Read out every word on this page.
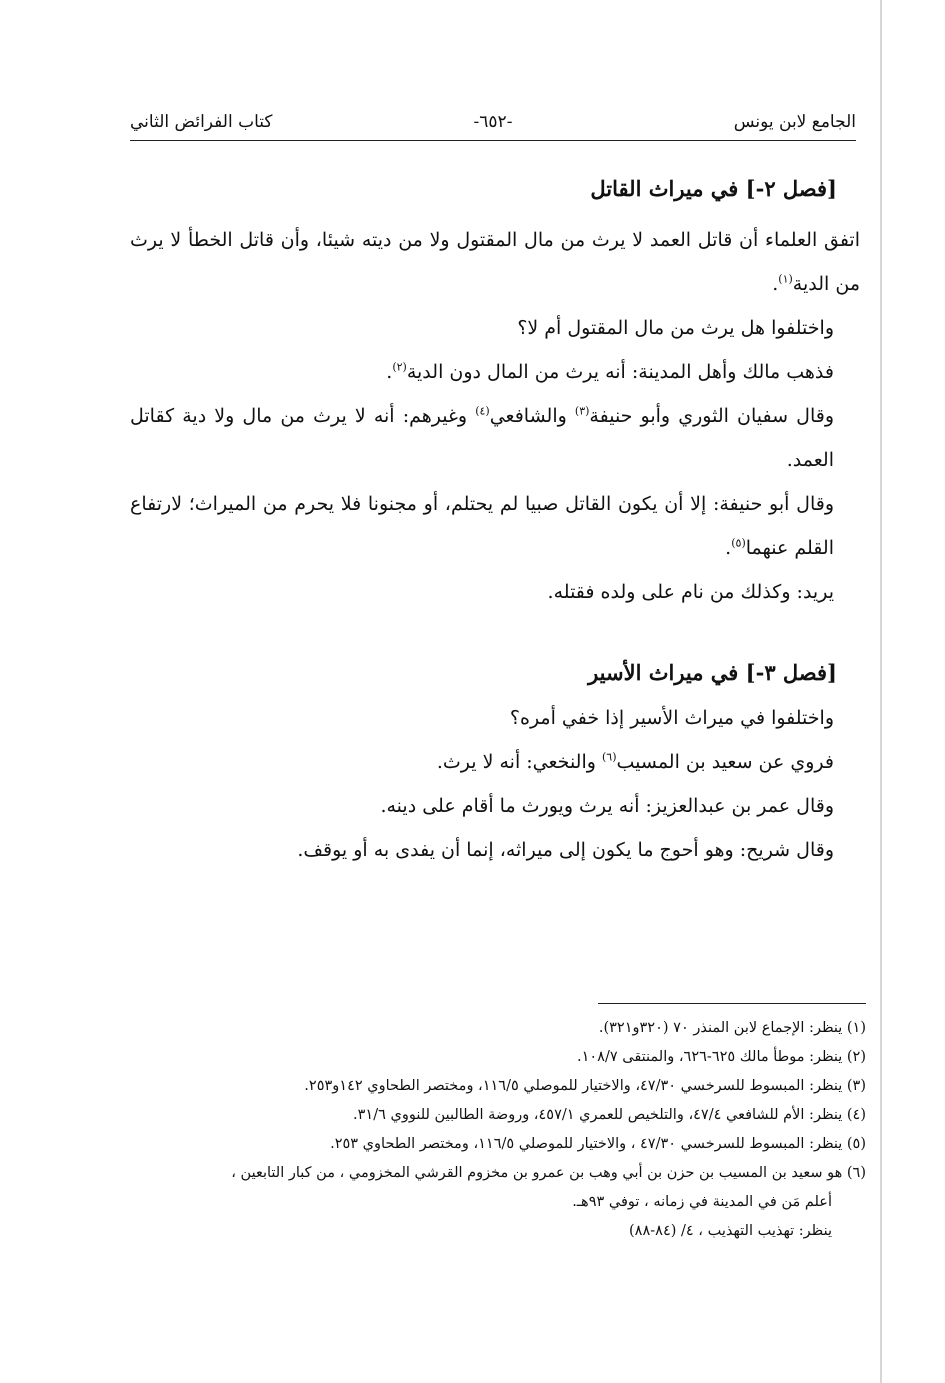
الجامع لابن يونس
-٦٥٢-
كتاب الفرائض الثاني
[فصل ٢-] في ميراث القاتل

اتفق العلماء أن قاتل العمد لا يرث من مال المقتول ولا من ديته شيئا، وأن قاتل الخطأ لا يرث من الدية$^{(١)}$.

واختلفوا هل يرث من مال المقتول أم لا؟

فذهب مالك وأهل المدينة: أنه يرث من المال دون الدية$^{(٢)}$.

وقال سفيان الثوري وأبو حنيفة$^{(٣)}$ والشافعي$^{(٤)}$ وغيرهم: أنه لا يرث من مال ولا دية كقاتل العمد.

وقال أبو حنيفة: إلا أن يكون القاتل صبيا لم يحتلم، أو مجنونا فلا يحرم من الميراث؛ لارتفاع القلم عنهما$^{(٥)}$.

يريد: وكذلك من نام على ولده فقتله.

[فصل ٣-] في ميراث الأسير

واختلفوا في ميراث الأسير إذا خفي أمره؟

فروي عن سعيد بن المسيب$^{(٦)}$ والنخعي: أنه لا يرث.

وقال عمر بن عبدالعزيز: أنه يرث ويورث ما أقام على دينه.

وقال شريح: وهو أحوج ما يكون إلى ميراثه، إنما أن يفدى به أو يوقف.

(١) ينظر: الإجماع لابن المنذر ٧٠ (٣٢٠و٣٢١).

(٢) ينظر: موطأ مالك ٦٢٥-٦٢٦، والمنتقى ١٠٨/٧.

(٣) ينظر: المبسوط للسرخسي ٤٧/٣٠، والاختيار للموصلي ١١٦/٥، ومختصر الطحاوي ١٤٢و٢٥٣.

(٤) ينظر: الأم للشافعي ٤٧/٤، والتلخيص للعمري ٤٥٧/١، وروضة الطالبين للنووي ٣١/٦.

(٥) ينظر: المبسوط للسرخسي ٤٧/٣٠ ، والاختيار للموصلي ١١٦/٥، ومختصر الطحاوي ٢٥٣.

(٦) هو سعيد بن المسيب بن حزن بن أبي وهب بن عمرو بن مخزوم القرشي المخزومي ، من كبار التابعين ،

أعلم مَن في المدينة في زمانه ، توفي ٩٣هـ.

ينظر: تهذيب التهذيب ، ٤/ (٨٤-٨٨)
